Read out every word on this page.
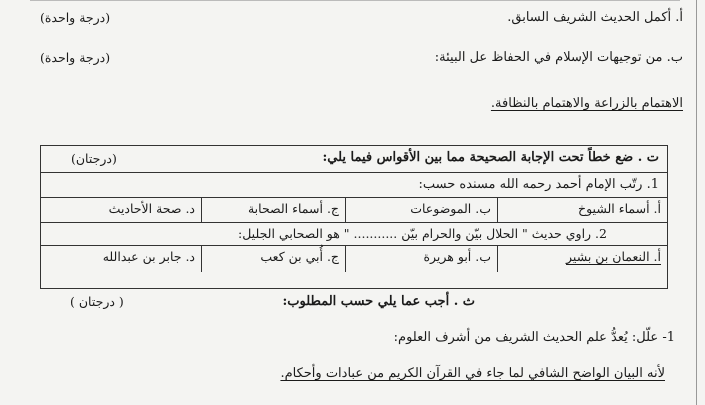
أ. أكمل الحديث الشريف السابق.
(درجة واحدة)
ب. من توجيهات الإسلام في الحفاظ عل البيئة:
(درجة واحدة)
الاهتمام بالزراعة والاهتمام بالنظافة.
ت . ضع خطاً تحت الإجابة الصحيحة مما بين الأقواس فيما يلي:
(درجتان)
1. رتّب الإمام أحمد رحمه الله مسنده حسب:
أ. أسماء الشيوخ
ب. الموضوعات
ج. أسماء الصحابة
د. صحة الأحاديث
2. راوي حديث " الحلال بيّن والحرام بيّن ........... " هو الصحابي الجليل:
أ. النعمان بن بشير
ب. أبو هريرة
ج. أُبي بن كعب
د. جابر بن عبدالله
ث . أجب عما يلي حسب المطلوب:
( درجتان )
1- علّل: يُعدُّ علم الحديث الشريف من أشرف العلوم:
لأنه البيان الواضح الشافي لما جاء في القرآن الكريم من عبادات وأحكام.
